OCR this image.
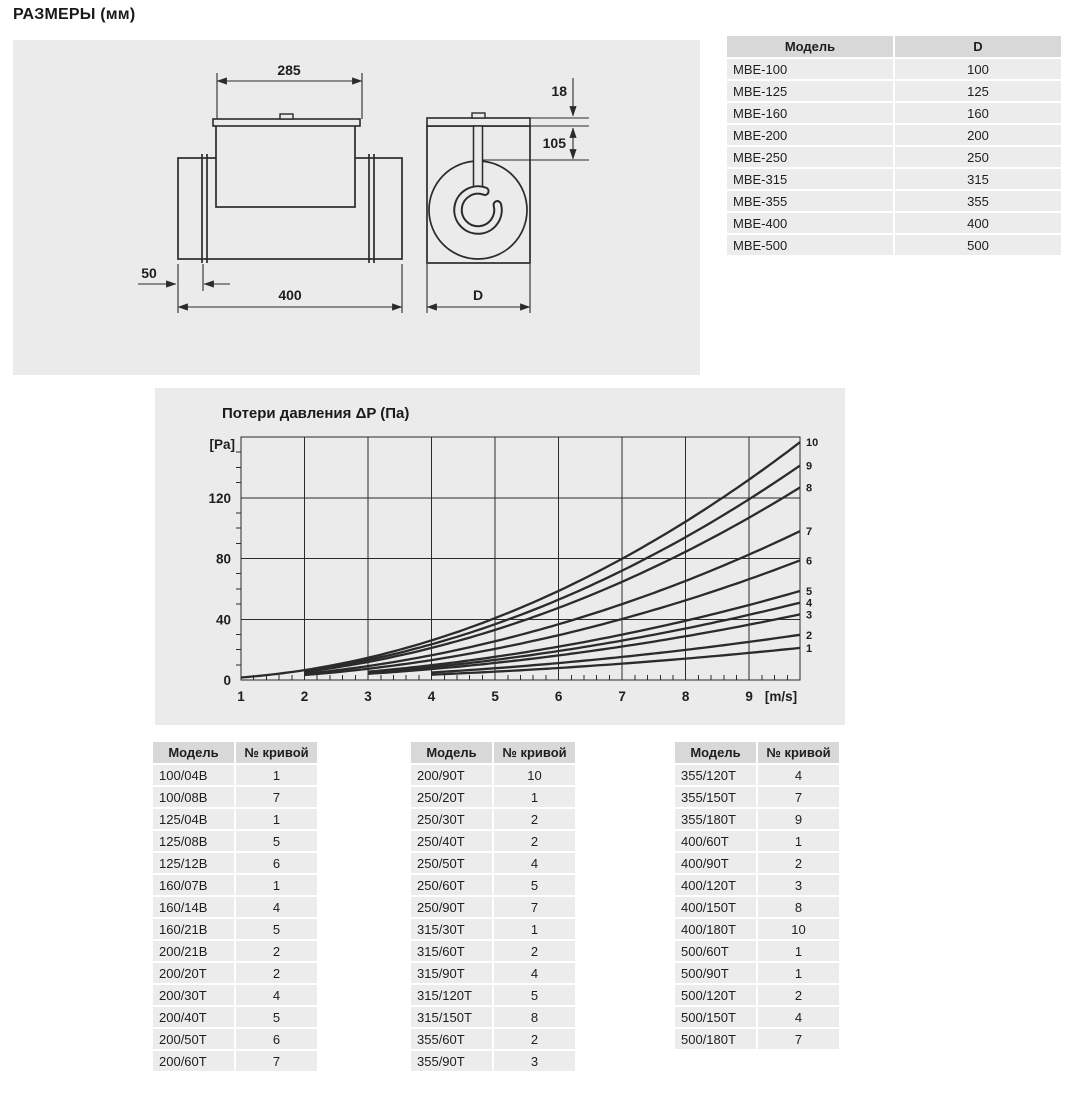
РАЗМЕРЫ (мм)
285
400
50
18
105
D
Модель	D
МВЕ-100	100
МВЕ-125	125
МВЕ-160	160
МВЕ-200	200
МВЕ-250	250
МВЕ-315	315
МВЕ-355	355
МВЕ-400	400
МВЕ-500	500
Потери давления ΔP (Па)
1
2
3
4
5
6
7
8
9
10
1	2	3	4	5	6	7	8	9
0
40
80
120
[Pa]
[m/s]
Модель	№ кривой
100/04В	1
100/08В	7
125/04В	1
125/08В	5
125/12В	6
160/07В	1
160/14В	4
160/21В	5
200/21В	2
200/20Т	2
200/30Т	4
200/40Т	5
200/50Т	6
200/60Т	7
Модель	№ кривой
200/90Т	10
250/20Т	1
250/30Т	2
250/40Т	2
250/50Т	4
250/60Т	5
250/90Т	7
315/30Т	1
315/60Т	2
315/90Т	4
315/120Т	5
315/150Т	8
355/60Т	2
355/90Т	3
Модель	№ кривой
355/120Т	4
355/150Т	7
355/180Т	9
400/60Т	1
400/90Т	2
400/120Т	3
400/150Т	8
400/180Т	10
500/60Т	1
500/90Т	1
500/120Т	2
500/150Т	4
500/180Т	7
